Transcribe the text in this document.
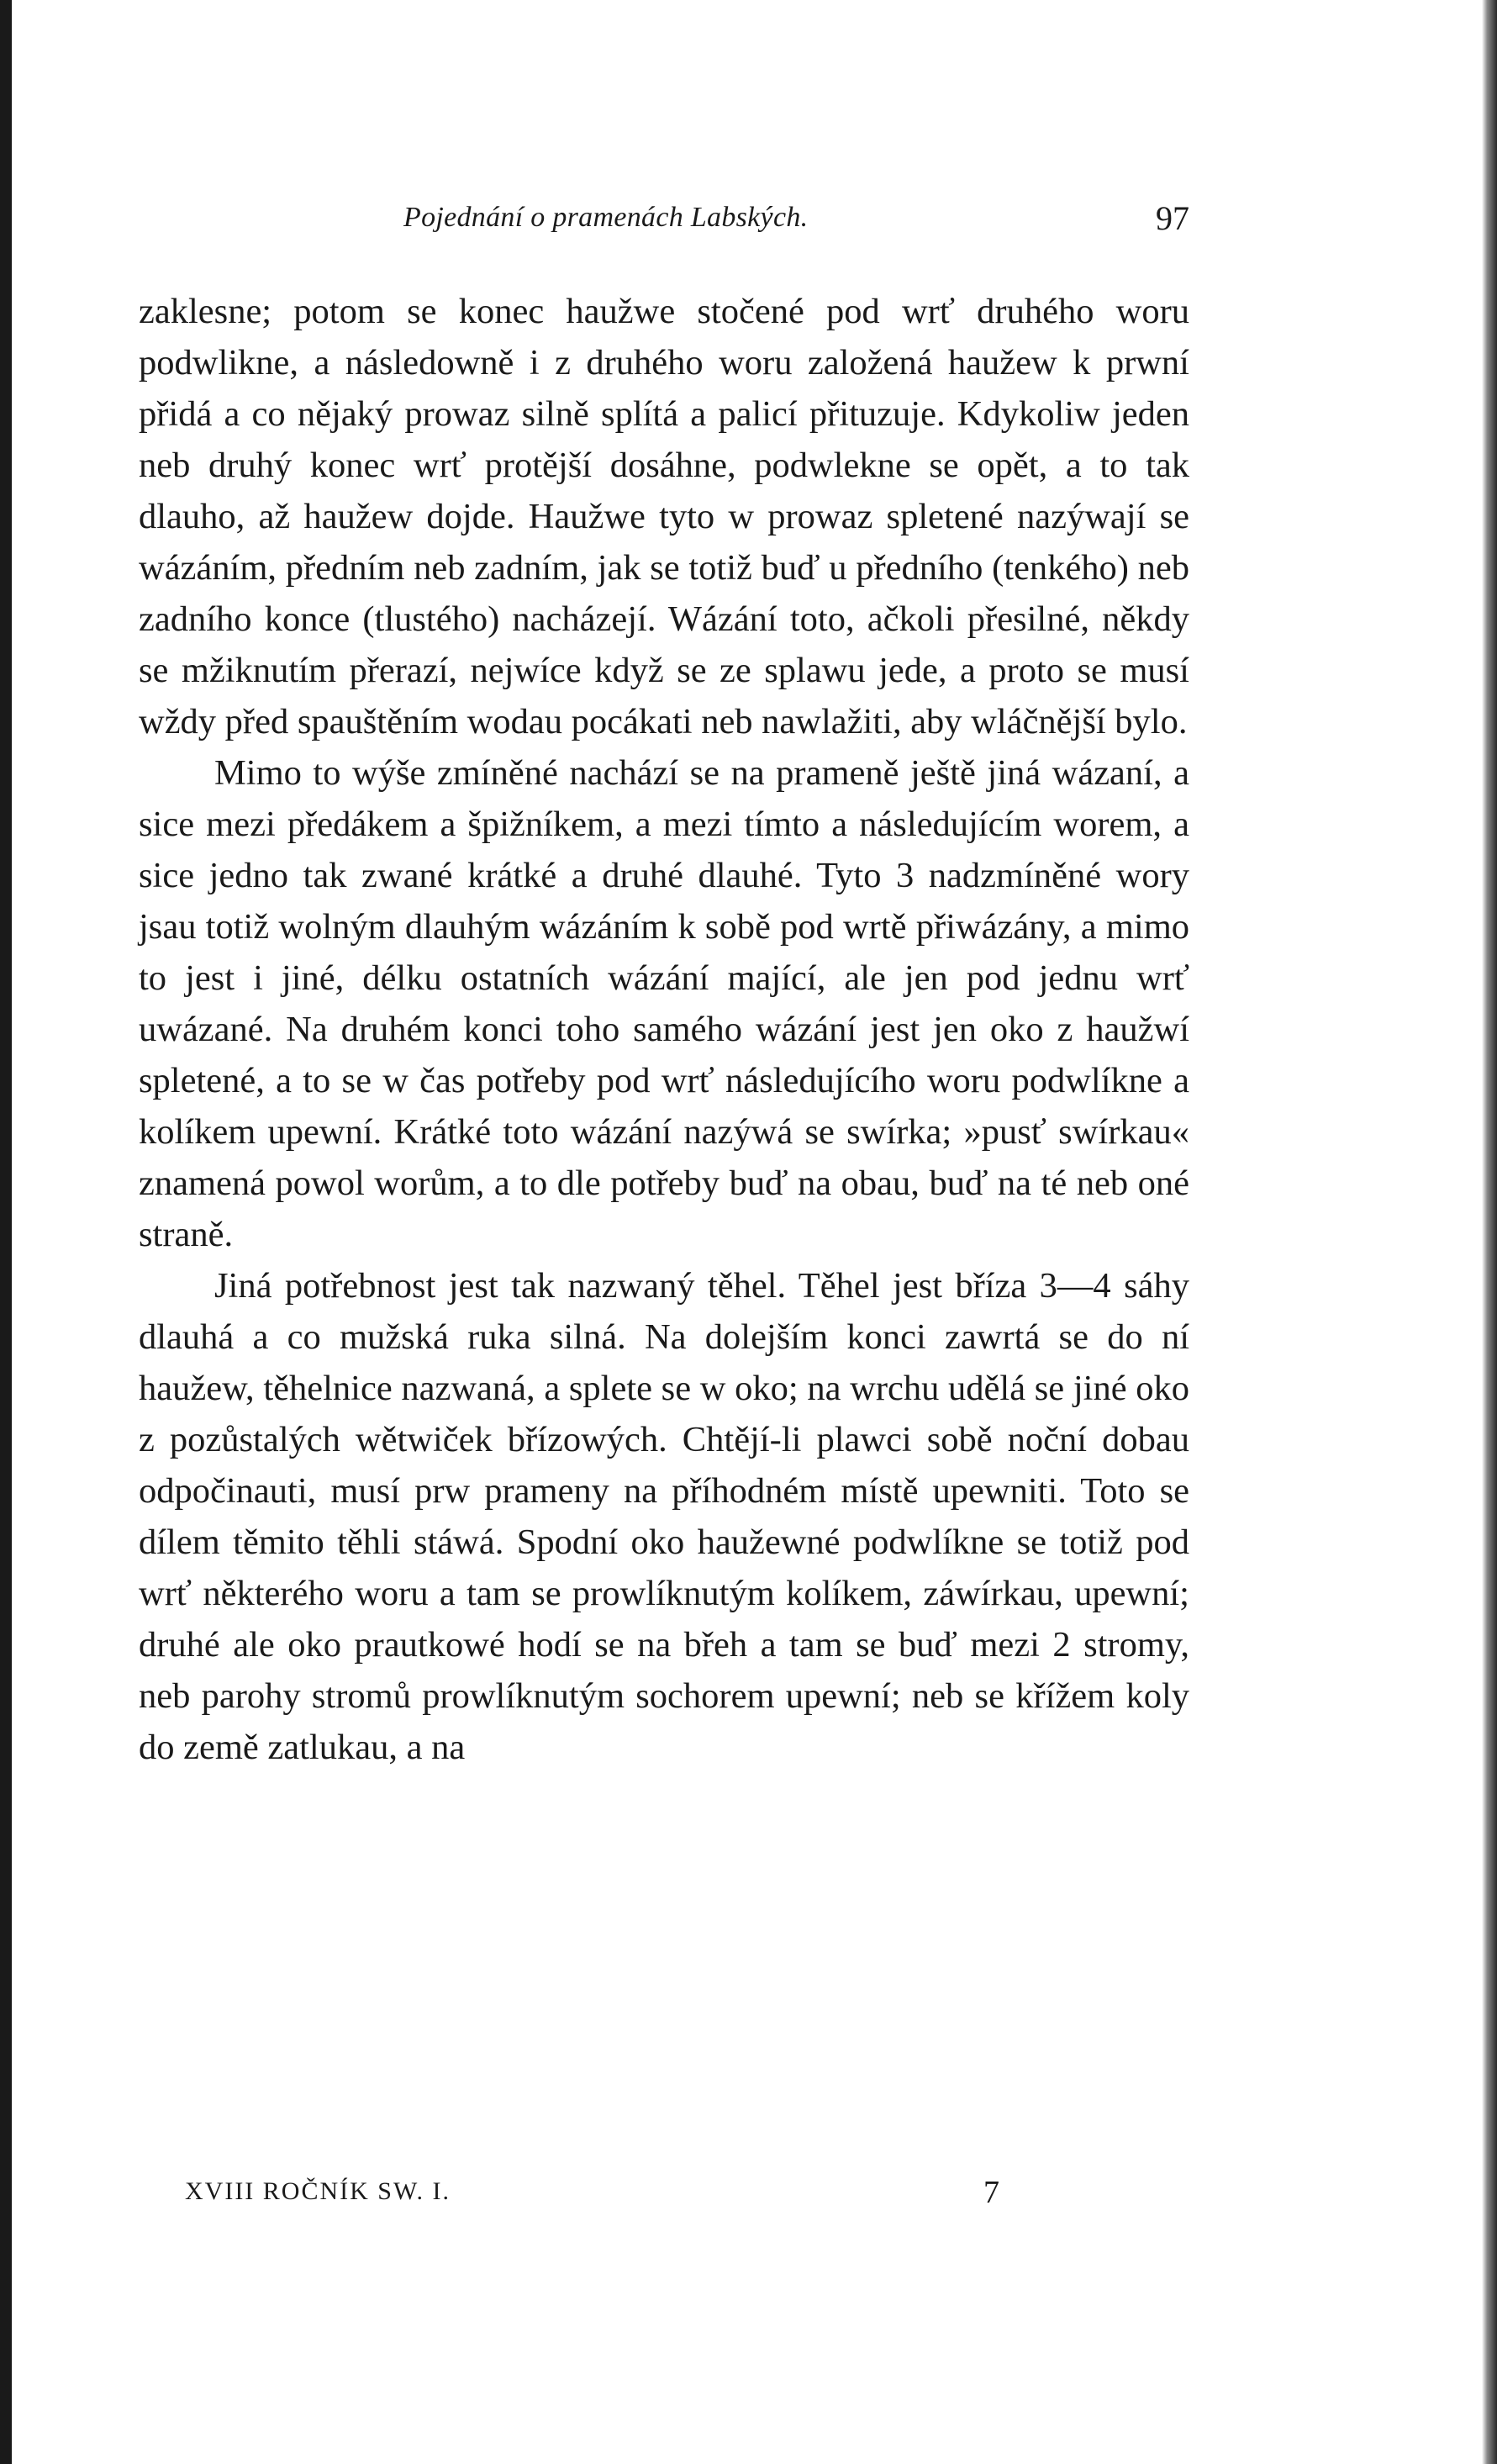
Pojednání o pramenách Labských.	97

zaklesne; potom se konec haužwe stočené pod wrť druhého woru podwlikne, a následowně i z druhého woru založená haužew k prwní přidá a co nějaký prowaz silně splítá a palicí přituzuje. Kdykoliw jeden neb druhý konec wrť protější dosáhne, podwlekne se opět, a to tak dlauho, až haužew dojde. Haužwe tyto w prowaz spletené nazýwají se wázáním, předním neb zadním, jak se totiž buď u předního (tenkého) neb zadního konce (tlustého) nacházejí. Wázání toto, ačkoli přesilné, někdy se mžiknutím přerazí, nejwíce když se ze splawu jede, a proto se musí wždy před spauštěním wodau pocákati neb nawlažiti, aby wláčnější bylo.

Mimo to wýše zmíněné nachází se na prameně ještě jiná wázaní, a sice mezi předákem a špižníkem, a mezi tímto a následujícím worem, a sice jedno tak zwané krátké a druhé dlauhé. Tyto 3 nadzmíněné wory jsau totiž wolným dlauhým wázáním k sobě pod wrtě přiwázány, a mimo to jest i jiné, délku ostatních wázání mající, ale jen pod jednu wrť uwázané. Na druhém konci toho samého wázání jest jen oko z haužwí spletené, a to se w čas potřeby pod wrť následujícího woru podwlíkne a kolíkem upewní. Krátké toto wázání nazýwá se swírka; »pusť swírkau« znamená powol worům, a to dle potřeby buď na obau, buď na té neb oné straně.

Jiná potřebnost jest tak nazwaný těhel. Těhel jest bříza 3—4 sáhy dlauhá a co mužská ruka silná. Na dolejším konci zawrtá se do ní haužew, těhelnice nazwaná, a splete se w oko; na wrchu udělá se jiné oko z pozůstalých wětwiček břízowých. Chtějí-li plawci sobě noční dobau odpočinauti, musí prw prameny na příhodném místě upewniti. Toto se dílem těmito těhli stáwá. Spodní oko haužewné podwlíkne se totiž pod wrť některého woru a tam se prowlíknutým kolíkem, záwírkau, upewní; druhé ale oko prautkowé hodí se na břeh a tam se buď mezi 2 stromy, neb parohy stromů prowlíknutým sochorem upewní; neb se křížem koly do země zatlukau, a na

XVIII ROČNÍK SW. I.	7
